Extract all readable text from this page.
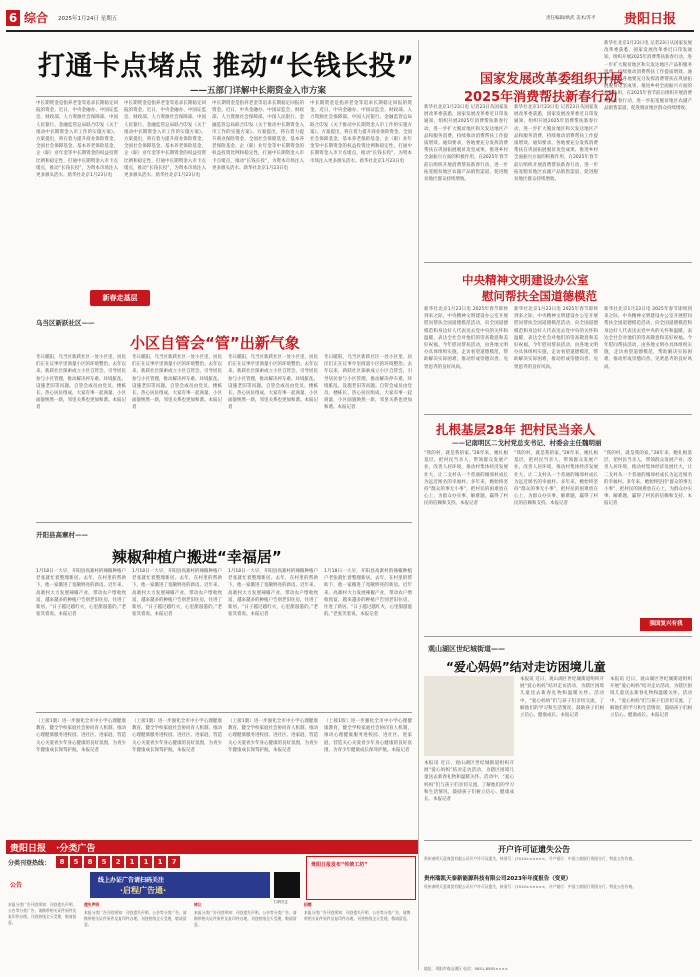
6 综合 2025年1月24日 星期五	责任编辑/欧武 美术/苏平 贵阳日报
打通卡点堵点 推动“长钱长投”
——五部门详解中长期资金入市方案
中长期资金是指养老金等追求长期稳定回报的资金。近日，中央金融办、中国证监会、财政部、人力资源社会保障部、中国人民银行、金融监管总局联合印发《关于推动中长期资金入市工作的实施方案》。方案提出，将在着力提升商业保险资金、全国社会保障基金、基本养老保险基金、企（职）业年金等中长期资金的权益投资比例和稳定性，打通中长期资金入市卡点堵点，推动“长钱长投”，为资本市场注入更多源头活水。新华社北京1月23日电
中长期资金是指养老金等追求长期稳定回报的资金。近日，中央金融办、中国证监会、财政部、人力资源社会保障部、中国人民银行、金融监管总局联合印发《关于推动中长期资金入市工作的实施方案》。方案提出，将在着力提升商业保险资金、全国社会保障基金、基本养老保险基金、企（职）业年金等中长期资金的权益投资比例和稳定性，打通中长期资金入市卡点堵点，推动“长钱长投”，为资本市场注入更多源头活水。新华社北京1月23日电
中长期资金是指养老金等追求长期稳定回报的资金。近日，中央金融办、中国证监会、财政部、人力资源社会保障部、中国人民银行、金融监管总局联合印发《关于推动中长期资金入市工作的实施方案》。方案提出，将在着力提升商业保险资金、全国社会保障基金、基本养老保险基金、企（职）业年金等中长期资金的权益投资比例和稳定性，打通中长期资金入市卡点堵点，推动“长钱长投”，为资本市场注入更多源头活水。新华社北京1月23日电
中长期资金是指养老金等追求长期稳定回报的资金。近日，中央金融办、中国证监会、财政部、人力资源社会保障部、中国人民银行、金融监管总局联合印发《关于推动中长期资金入市工作的实施方案》。方案提出，将在着力提升商业保险资金、全国社会保障基金、基本养老保险基金、企（职）业年金等中长期资金的权益投资比例和稳定性，打通中长期资金入市卡点堵点，推动“长钱长投”，为资本市场注入更多源头活水。新华社北京1月23日电
国家发展改革委组织开展
2025年消费帮扶新春行动
新华社北京1月23日电 记者23日从国家发展改革委获悉，国家发展改革委近日印发通知，组织开展2025年消费帮扶新春行动，进一步扩大脱贫地区和欠发达地区产品和服务消费，持续推动消费帮扶工作提质增效。通知要求，各地要充分发挥消费帮扶在巩固拓展脱贫攻坚成果、推进乡村全面振兴方面的积极作用，在2025年春节前后组织开展消费帮扶新春行动，进一步拓宽脱贫地区农副产品销售渠道，促进脱贫地区群众持续增收。
新华社北京1月23日电 记者23日从国家发展改革委获悉，国家发展改革委近日印发通知，组织开展2025年消费帮扶新春行动，进一步扩大脱贫地区和欠发达地区产品和服务消费，持续推动消费帮扶工作提质增效。通知要求，各地要充分发挥消费帮扶在巩固拓展脱贫攻坚成果、推进乡村全面振兴方面的积极作用，在2025年春节前后组织开展消费帮扶新春行动，进一步拓宽脱贫地区农副产品销售渠道，促进脱贫地区群众持续增收。
新华社北京1月23日电 记者23日从国家发展改革委获悉，国家发展改革委近日印发通知，组织开展2025年消费帮扶新春行动，进一步扩大脱贫地区和欠发达地区产品和服务消费，持续推动消费帮扶工作提质增效。通知要求，各地要充分发挥消费帮扶在巩固拓展脱贫攻坚成果、推进乡村全面振兴方面的积极作用，在2025年春节前后组织开展消费帮扶新春行动，进一步拓宽脱贫地区农副产品销售渠道，促进脱贫地区群众持续增收。
中央精神文明建设办公室
慰问帮扶全国道德模范
新华社北京1月23日电 2025年春节即将到来之际，中央精神文明建设办公室开展慰问帮扶全国道德模范活动，向全国道德模范和身边好人代表送去党中央的关怀和温暖，表达全社会对他们的崇高敬意和美好祝福。今年慰问帮扶活动，由各地文明办具体组织实施，走访看望道德模范，帮助解决实际困难，推动形成崇德向善、见贤思齐的良好风尚。
新华社北京1月23日电 2025年春节即将到来之际，中央精神文明建设办公室开展慰问帮扶全国道德模范活动，向全国道德模范和身边好人代表送去党中央的关怀和温暖，表达全社会对他们的崇高敬意和美好祝福。今年慰问帮扶活动，由各地文明办具体组织实施，走访看望道德模范，帮助解决实际困难，推动形成崇德向善、见贤思齐的良好风尚。
新华社北京1月23日电 2025年春节即将到来之际，中央精神文明建设办公室开展慰问帮扶全国道德模范活动，向全国道德模范和身边好人代表送去党中央的关怀和温暖，表达全社会对他们的崇高敬意和美好祝福。今年慰问帮扶活动，由各地文明办具体组织实施，走访看望道德模范，帮助解决实际困难，推动形成崇德向善、见贤思齐的良好风尚。
扎根基层28年 把村民当亲人
——记南明区二戈村党总支书记、村委会主任魏明丽
“我的村，就是我的家。”28年来，她扎根基层，把村民当亲人，带领群众发展产业、改善人居环境，推动村集体经济发展壮大，让二戈村从一个普通的城郊村成长为远近闻名的幸福村。多年来，她始终坚持“群众的事无小事”，把村民的困难放在心上，为群众办实事、解难题，赢得了村民的信赖和支持。本报记者
“我的村，就是我的家。”28年来，她扎根基层，把村民当亲人，带领群众发展产业、改善人居环境，推动村集体经济发展壮大，让二戈村从一个普通的城郊村成长为远近闻名的幸福村。多年来，她始终坚持“群众的事无小事”，把村民的困难放在心上，为群众办实事、解难题，赢得了村民的信赖和支持。本报记者
“我的村，就是我的家。”28年来，她扎根基层，把村民当亲人，带领群众发展产业、改善人居环境，推动村集体经济发展壮大，让二戈村从一个普通的城郊村成长为远近闻名的幸福村。多年来，她始终坚持“群众的事无小事”，把村民的困难放在心上，为群众办实事、解难题，赢得了村民的信赖和支持。本报记者
强国复兴有我
新春走基层
乌当区新跃社区——
小区自管会“管”出新气象
冬日暖阳，乌当区新跃社区一处小区里，居民们正在议事亭里商量小区的环境整治。去年以来，新跃社区探索成立小区自管会，引导居民参与小区管理，推动解决停车难、环境脏乱、设施老旧等问题。自管会成员由党员、楼栋长、热心居民组成，大家有事一起商量，小区面貌焕然一新，邻里关系也更加和谐。本报记者
冬日暖阳，乌当区新跃社区一处小区里，居民们正在议事亭里商量小区的环境整治。去年以来，新跃社区探索成立小区自管会，引导居民参与小区管理，推动解决停车难、环境脏乱、设施老旧等问题。自管会成员由党员、楼栋长、热心居民组成，大家有事一起商量，小区面貌焕然一新，邻里关系也更加和谐。本报记者
冬日暖阳，乌当区新跃社区一处小区里，居民们正在议事亭里商量小区的环境整治。去年以来，新跃社区探索成立小区自管会，引导居民参与小区管理，推动解决停车难、环境脏乱、设施老旧等问题。自管会成员由党员、楼栋长、热心居民组成，大家有事一起商量，小区面貌焕然一新，邻里关系也更加和谐。本报记者
冬日暖阳，乌当区新跃社区一处小区里，居民们正在议事亭里商量小区的环境整治。去年以来，新跃社区探索成立小区自管会，引导居民参与小区管理，推动解决停车难、环境脏乱、设施老旧等问题。自管会成员由党员、楼栋长、热心居民组成，大家有事一起商量，小区面貌焕然一新，邻里关系也更加和谐。本报记者
开阳县高寨村——
辣椒种植户搬进“幸福居”
1月18日一大早，开阳县高寨村的辣椒种植户老张就忙着整理新居。去年，在村里的帮助下，他一家搬进了宽敞明亮的新房。近年来，高寨村大力发展辣椒产业，带动农户增收致富，越来越多的种植户告别老旧住房，住进了新居。“日子越过越红火，心里甜滋滋的。”老张笑着说。本报记者
1月18日一大早，开阳县高寨村的辣椒种植户老张就忙着整理新居。去年，在村里的帮助下，他一家搬进了宽敞明亮的新房。近年来，高寨村大力发展辣椒产业，带动农户增收致富，越来越多的种植户告别老旧住房，住进了新居。“日子越过越红火，心里甜滋滋的。”老张笑着说。本报记者
1月18日一大早，开阳县高寨村的辣椒种植户老张就忙着整理新居。去年，在村里的帮助下，他一家搬进了宽敞明亮的新房。近年来，高寨村大力发展辣椒产业，带动农户增收致富，越来越多的种植户告别老旧住房，住进了新居。“日子越过越红火，心里甜滋滋的。”老张笑着说。本报记者
1月18日一大早，开阳县高寨村的辣椒种植户老张就忙着整理新居。去年，在村里的帮助下，他一家搬进了宽敞明亮的新房。近年来，高寨村大力发展辣椒产业，带动农户增收致富，越来越多的种植户告别老旧住房，住进了新居。“日子越过越红火，心里甜滋滋的。”老张笑着说。本报记者
（上接1版）进一步强化全市中小学心理健康教育，健全学校家庭社会协同育人机制，推动心理健康服务进校园、进社区、进家庭，营造关心关爱青少年身心健康的良好氛围，为青少年健康成长保驾护航。本报记者
（上接1版）进一步强化全市中小学心理健康教育，健全学校家庭社会协同育人机制，推动心理健康服务进校园、进社区、进家庭，营造关心关爱青少年身心健康的良好氛围，为青少年健康成长保驾护航。本报记者
（上接1版）进一步强化全市中小学心理健康教育，健全学校家庭社会协同育人机制，推动心理健康服务进校园、进社区、进家庭，营造关心关爱青少年身心健康的良好氛围，为青少年健康成长保驾护航。本报记者
（上接1版）进一步强化全市中小学心理健康教育，健全学校家庭社会协同育人机制，推动心理健康服务进校园、进社区、进家庭，营造关心关爱青少年身心健康的良好氛围，为青少年健康成长保驾护航。本报记者
观山湖区世纪城街道——
“爱心妈妈”结对走访困境儿童
本报讯 近日，观山湖区世纪城街道组织开展“爱心妈妈”结对走访活动，为辖区困境儿童送去新春礼物和温暖关怀。活动中，“爱心妈妈”们与孩子们亲切交流，了解他们的学习和生活情况，鼓励孩子们树立信心、健康成长。本报记者
本报讯 近日，观山湖区世纪城街道组织开展“爱心妈妈”结对走访活动，为辖区困境儿童送去新春礼物和温暖关怀。活动中，“爱心妈妈”们与孩子们亲切交流，了解他们的学习和生活情况，鼓励孩子们树立信心、健康成长。本报记者
本报讯 近日，观山湖区世纪城街道组织开展“爱心妈妈”结对走访活动，为辖区困境儿童送去新春礼物和温暖关怀。活动中，“爱心妈妈”们与孩子们亲切交流，了解他们的学习和生活情况，鼓励孩子们树立信心、健康成长。本报记者
贵阳日报 ·分类广告
分类刊登热线：	8	5	8	5	2	1	1	1	7
线上办证广告请扫码关注
·启程广告通·
扫码关注
贵阳日报发布“传统工坊”
公告
本报分类广告刊登须知：刊登遗失声明、公告等分类广告，请携带相关证件原件及复印件办理。刊登热线全天受理，敬请留意。
遗失声明
本报分类广告刊登须知：刊登遗失声明、公告等分类广告，请携带相关证件原件及复印件办理。刊登热线全天受理，敬请留意。
转让
本报分类广告刊登须知：刊登遗失声明、公告等分类广告，请携带相关证件原件及复印件办理。刊登热线全天受理，敬请留意。
招聘
本报分类广告刊登须知：刊登遗失声明、公告等分类广告，请携带相关证件原件及复印件办理。刊登热线全天受理，敬请留意。
开户许可证遗失公告
贵州南明天意商贸有限公司开户许可证遗失，核准号：J7010××××××，开户银行：中国工商银行贵阳分行，特此公告作废。
贵州瑞凯天泰新能源科技有限公司2023年年度报告（变更）
贵州南明天意商贸有限公司开户许可证遗失，核准号：J7010××××××，开户银行：中国工商银行贵阳分行，特此公告作废。
地址：贵阳市观山湖区 电话：0851-8585××××
